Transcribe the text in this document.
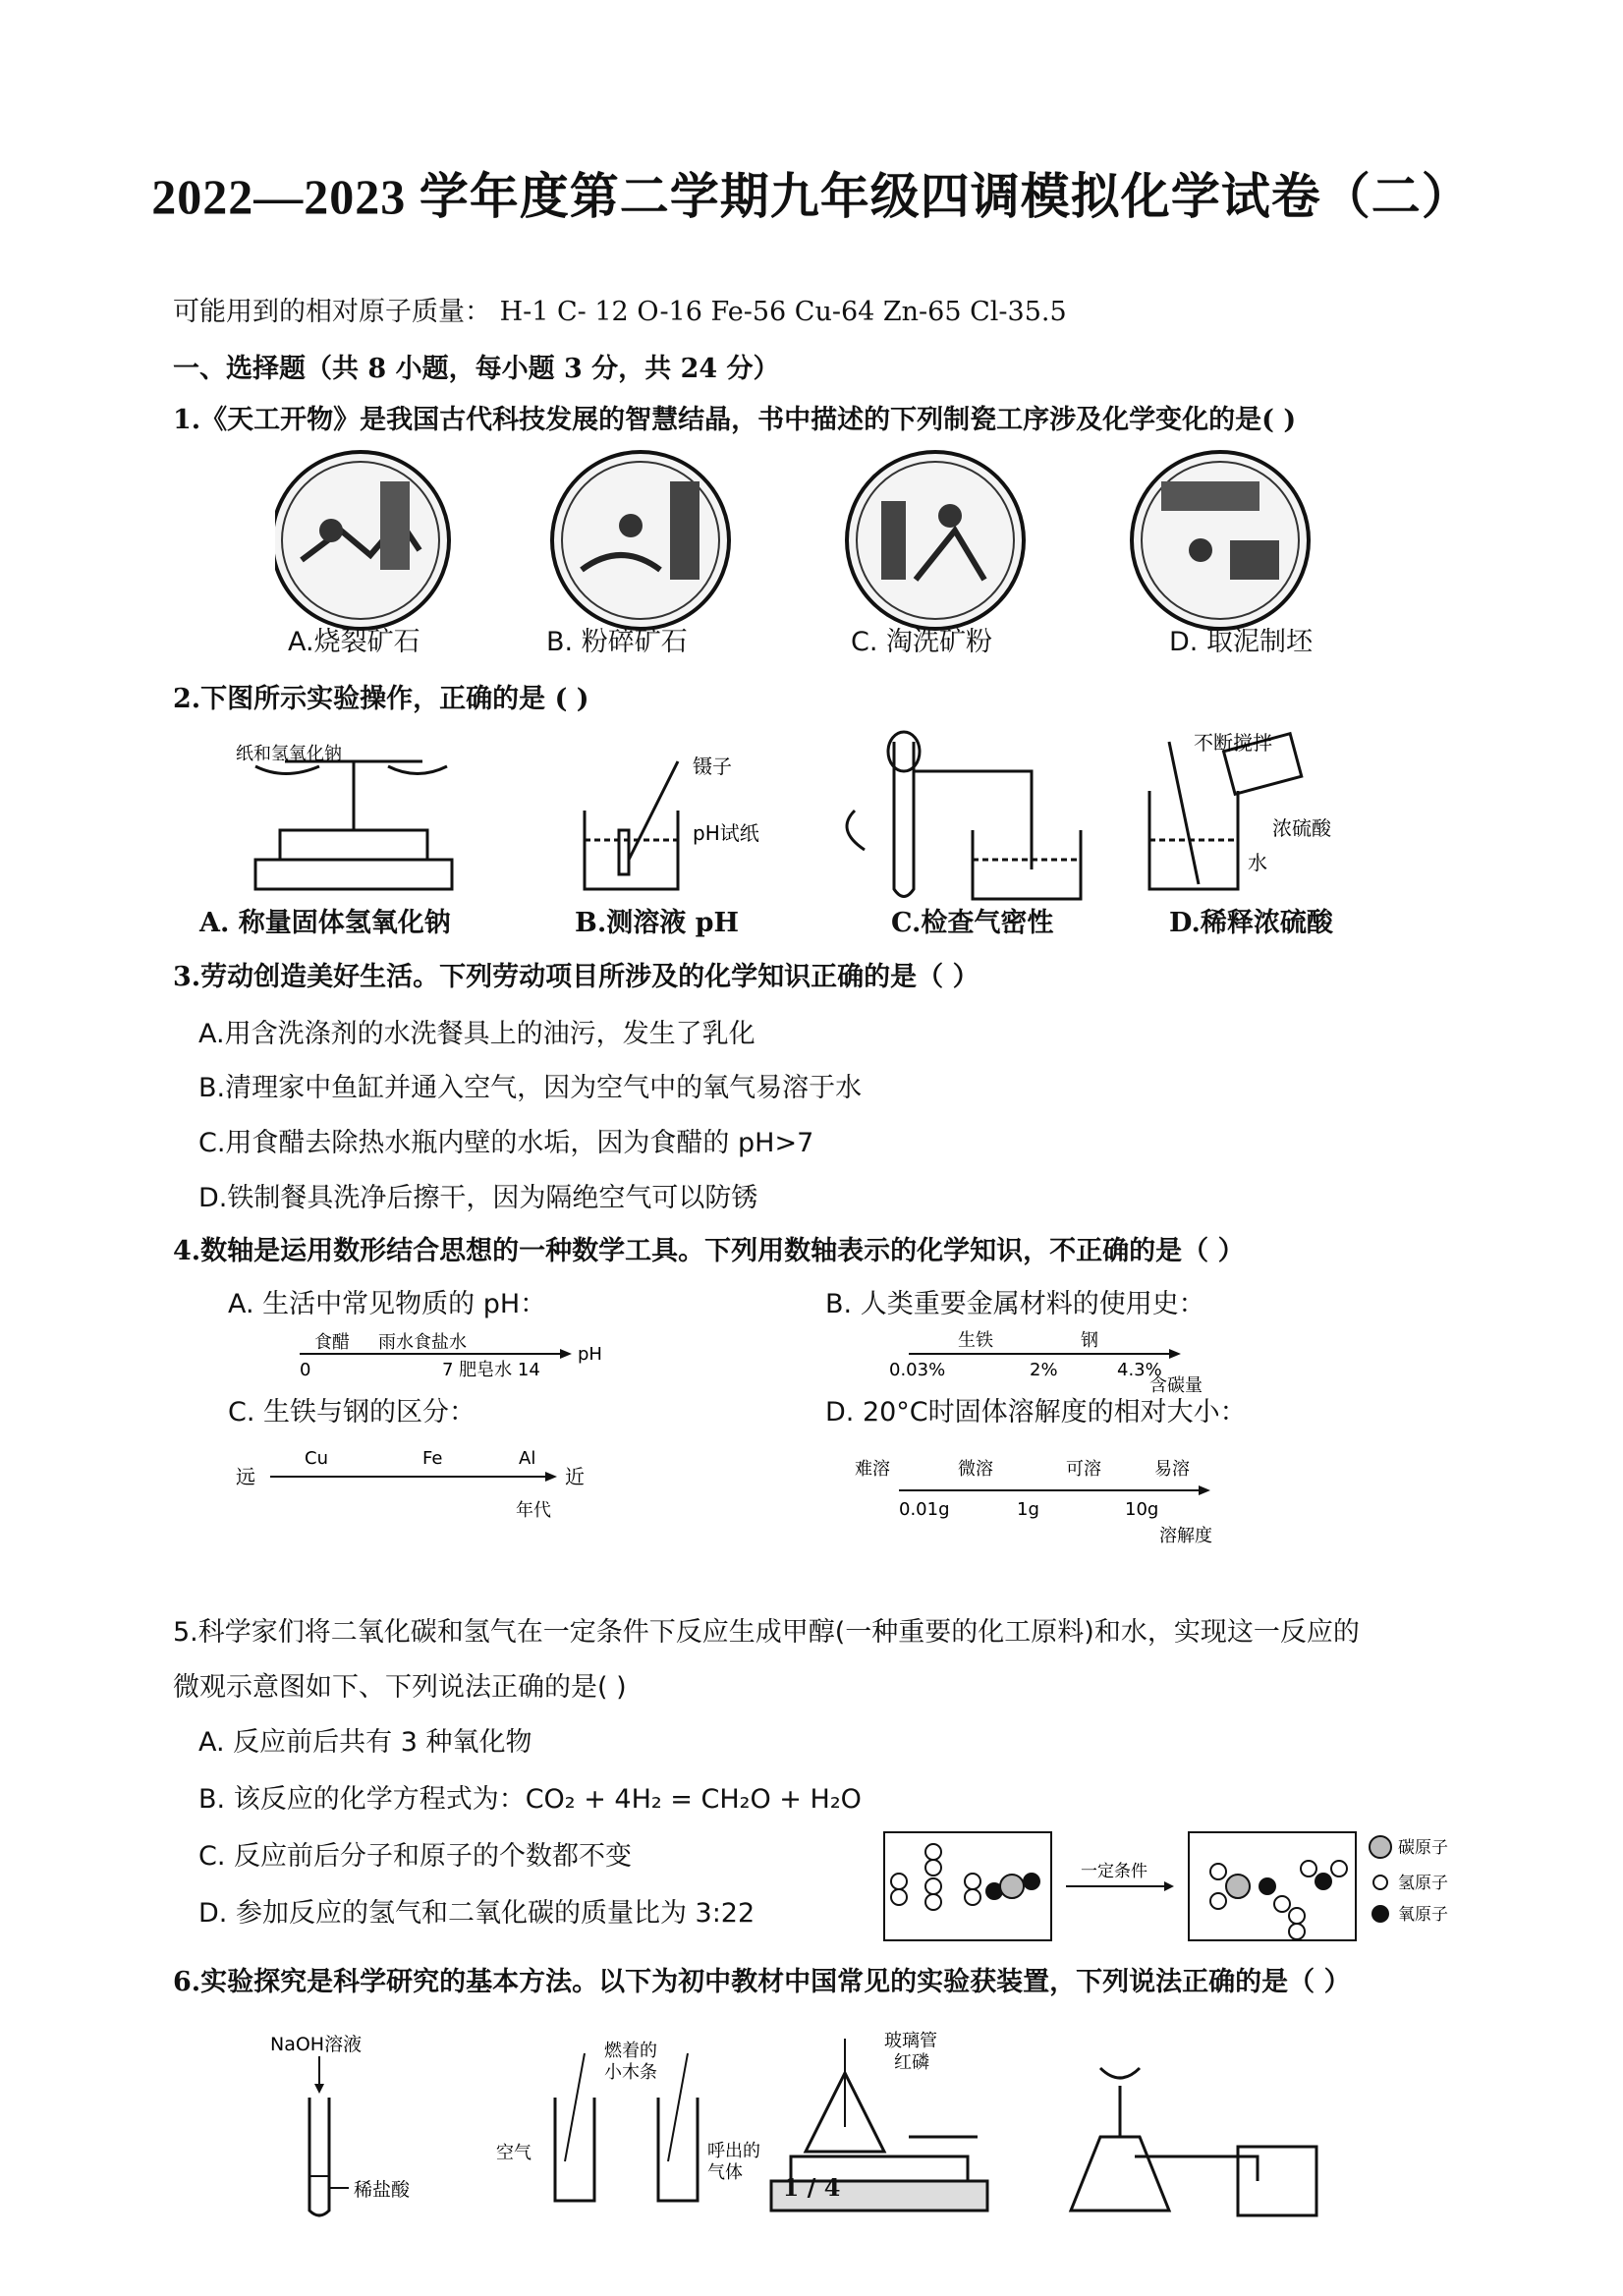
2022—2023 学年度第二学期九年级四调模拟化学试卷（二）
可能用到的相对原子质量： H-1 C- 12 O-16 Fe-56 Cu-64 Zn-65 Cl-35.5
一、选择题（共 8 小题，每小题 3 分，共 24 分）
1.《天工开物》是我国古代科技发展的智慧结晶，书中描述的下列制瓷工序涉及化学变化的是( )
A.烧裂矿石	B. 粉碎矿石	C. 淘洗矿粉	D. 取泥制坯
2.下图所示实验操作，正确的是 ( )
纸和氢氧化钠
镊子
pH试纸
不断搅拌
浓硫酸
水
A. 称量固体氢氧化钠	B.测溶液 pH	C.检查气密性	D.稀释浓硫酸
3.劳动创造美好生活。下列劳动项目所涉及的化学知识正确的是（ ）
A.用含洗涤剂的水洗餐具上的油污，发生了乳化
B.清理家中鱼缸并通入空气，因为空气中的氧气易溶于水
C.用食醋去除热水瓶内壁的水垢，因为食醋的 pH>7
D.铁制餐具洗净后擦干，因为隔绝空气可以防锈
4.数轴是运用数形结合思想的一种数学工具。下列用数轴表示的化学知识，不正确的是（ ）
A. 生活中常见物质的 pH：	B. 人类重要金属材料的使用史：
食醋 雨水食盐水
0	7 肥皂水 14
pH
生铁	钢
0.03%	2%	4.3%
含碳量
C. 生铁与钢的区分：	D. 20°C时固体溶解度的相对大小：
远	近
Cu	Fe	Al
年代
难溶	微溶	可溶	易溶
0.01g	1g	10g
溶解度
5.科学家们将二氧化碳和氢气在一定条件下反应生成甲醇(一种重要的化工原料)和水，实现这一反应的
微观示意图如下、下列说法正确的是( )
A. 反应前后共有 3 种氧化物
B. 该反应的化学方程式为：CO₂ + 4H₂ = CH₂O + H₂O
C. 反应前后分子和原子的个数都不变
D. 参加反应的氢气和二氧化碳的质量比为 3:22
一定条件
碳原子
氢原子
氧原子
6.实验探究是科学研究的基本方法。以下为初中教材中国常见的实验获装置，下列说法正确的是（ ）
NaOH溶液
稀盐酸
燃着的
小木条
空气	呼出的
气体
玻璃管
红磷
1 / 4
